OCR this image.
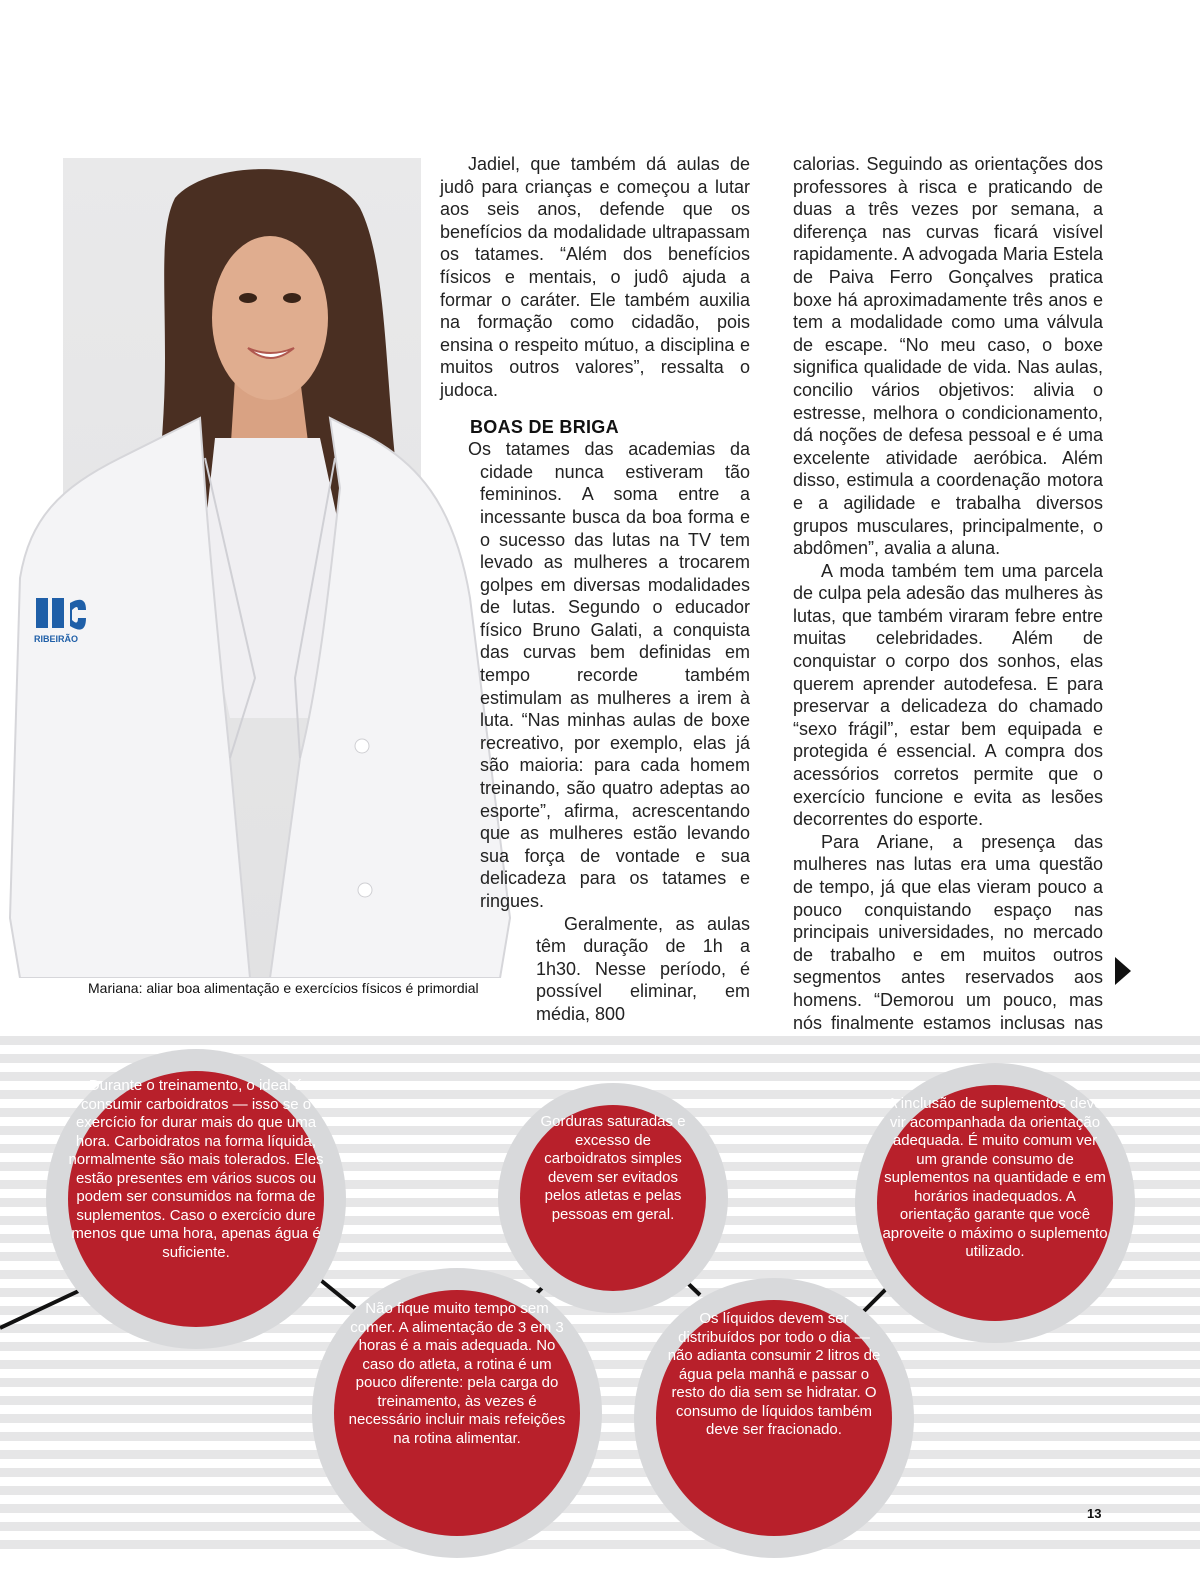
RIBEIRÃO
Mariana: aliar boa alimentação e exercícios físicos é primordial

Jadiel, que também dá aulas de judô para crianças e começou a lutar aos seis anos, defende que os benefícios da modalidade ultrapassam os tatames. “Além dos benefícios físicos e mentais, o judô ajuda a formar o caráter. Ele também auxilia na formação como cidadão, pois ensina o respeito mútuo, a disciplina e muitos outros valores”, ressalta o judoca.

BOAS DE BRIGA

Os tatames das academias da cidade nunca estiveram tão femininos. A soma entre a incessante busca da boa forma e o sucesso das lutas na TV tem levado as mulheres a trocarem golpes em diversas modalidades de lutas. Segundo o educador físico Bruno Galati, a conquista das curvas bem definidas em tempo recorde também estimulam as mulheres a irem à luta. “Nas minhas aulas de boxe recreativo, por exemplo, elas já são maioria: para cada homem treinando, são quatro adeptas ao esporte”, afirma, acrescentando que as mulheres estão levando sua força de vontade e sua delicadeza para os tatames e ringues.

Geralmente, as aulas têm duração de 1h a 1h30. Nesse período, é possível eliminar, em média, 800

calorias. Seguindo as orientações dos professores à risca e praticando de duas a três vezes por semana, a diferença nas curvas ficará visível rapidamente. A advogada Maria Estela de Paiva Ferro Gonçalves pratica boxe há aproximadamente três anos e tem a modalidade como uma válvula de escape. “No meu caso, o boxe significa qualidade de vida. Nas aulas, concilio vários objetivos: alivia o estresse, melhora o condicionamento, dá noções de defesa pessoal e é uma excelente atividade aeróbica. Além disso, estimula a coordenação motora e a agilidade e trabalha diversos grupos musculares, principalmente, o abdômen”, avalia a aluna.

A moda também tem uma parcela de culpa pela adesão das mulheres às lutas, que também viraram febre entre muitas celebridades. Além de conquistar o corpo dos sonhos, elas querem aprender autodefesa. E para preservar a delicadeza do chamado “sexo frágil”, estar bem equipada e protegida é essencial. A compra dos acessórios corretos permite que o exercício funcione e evita as lesões decorrentes do esporte.

Para Ariane, a presença das mulheres nas lutas era uma questão de tempo, já que elas vieram pouco a pouco conquistando espaço nas principais universidades, no mercado de trabalho e em muitos outros segmentos antes reservados aos homens. “Demorou um pouco, mas nós finalmente estamos inclusas nas

Durante o treinamento, o ideal é consumir carboidratos — isso se o exercício for durar mais do que uma hora. Carboidratos na forma líquida, normalmente são mais tolerados. Eles estão presentes em vários sucos ou podem ser consumidos na forma de suplementos. Caso o exercício dure menos que uma hora, apenas água é suficiente.

Não fique muito tempo sem comer. A alimentação de 3 em 3 horas é a mais adequada. No caso do atleta, a rotina é um pouco diferente: pela carga do treinamento, às vezes é necessário incluir mais refeições na rotina alimentar.

Gorduras saturadas e excesso de carboidratos simples devem ser evitados pelos atletas e pelas pessoas em geral.

Os líquidos devem ser distribuídos por todo o dia — não adianta consumir 2 litros de água pela manhã e passar o resto do dia sem se hidratar. O consumo de líquidos também deve ser fracionado.

A inclusão de suplementos deve vir acompanhada da orientação adequada. É muito comum ver um grande consumo de suplementos na quantidade e em horários inadequados. A orientação garante que você aproveite o máximo o suplemento utilizado.

13
